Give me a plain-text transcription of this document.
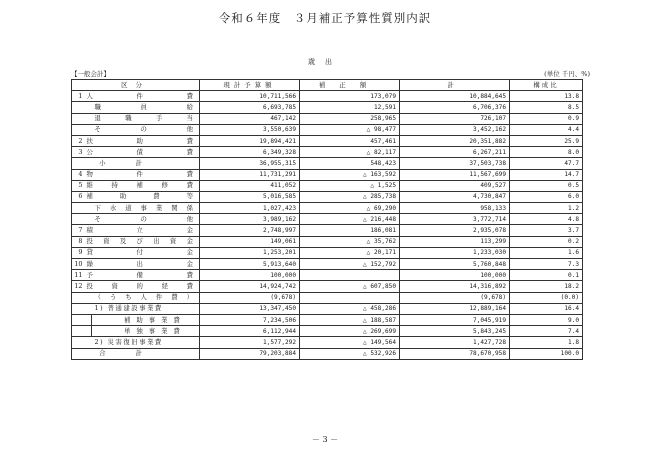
令和６年度　３月補正予算性質別内訳
歳出
【一般会計】	(単位 千円、%)
区分			現計予算額	補正額	計	構成比
1	人件費		10,711,566	173,079	10,884,645	13.8
		職員給	6,693,785	12,591	6,706,376	8.5
		退職手当	467,142	258,965	726,107	0.9
		その他	3,550,639	△ 98,477	3,452,162	4.4
2	扶助費		19,894,421	457,461	20,351,882	25.9
3	公債費		6,349,328	△ 82,117	6,267,211	8.0
小計			36,955,315	548,423	37,503,738	47.7
4	物件費		11,731,291	△ 163,592	11,567,699	14.7
5	維持補修費		411,052	△ 1,525	409,527	0.5
6	補助費等		5,016,585	△ 285,738	4,730,847	6.0
		下水道事業関係	1,027,423	△ 69,290	958,133	1.2
		その他	3,989,162	△ 216,448	3,772,714	4.8
7	積立金		2,748,997	186,081	2,935,078	3.7
8	投資及び出資金		149,061	△ 35,762	113,299	0.2
9	貸付金		1,253,201	△ 20,171	1,233,030	1.6
10	繰出金		5,913,640	△ 152,792	5,760,848	7.3
11	予備費		100,000		100,000	0.1
12	投資的経費		14,924,742	△ 607,850	14,316,892	18.2
		（うち人件費）	(9,678)		(9,678)	(0.0)
		1) 普通建設事業費	13,347,450	△ 458,286	12,889,164	16.4
		補助事業費	7,234,506	△ 188,587	7,045,919	9.0
		単独事業費	6,112,944	△ 269,699	5,843,245	7.4
		2) 災害復旧事業費	1,577,292	△ 149,564	1,427,728	1.8
合計			79,203,884	△ 532,926	78,670,958	100.0
－ 3 －
